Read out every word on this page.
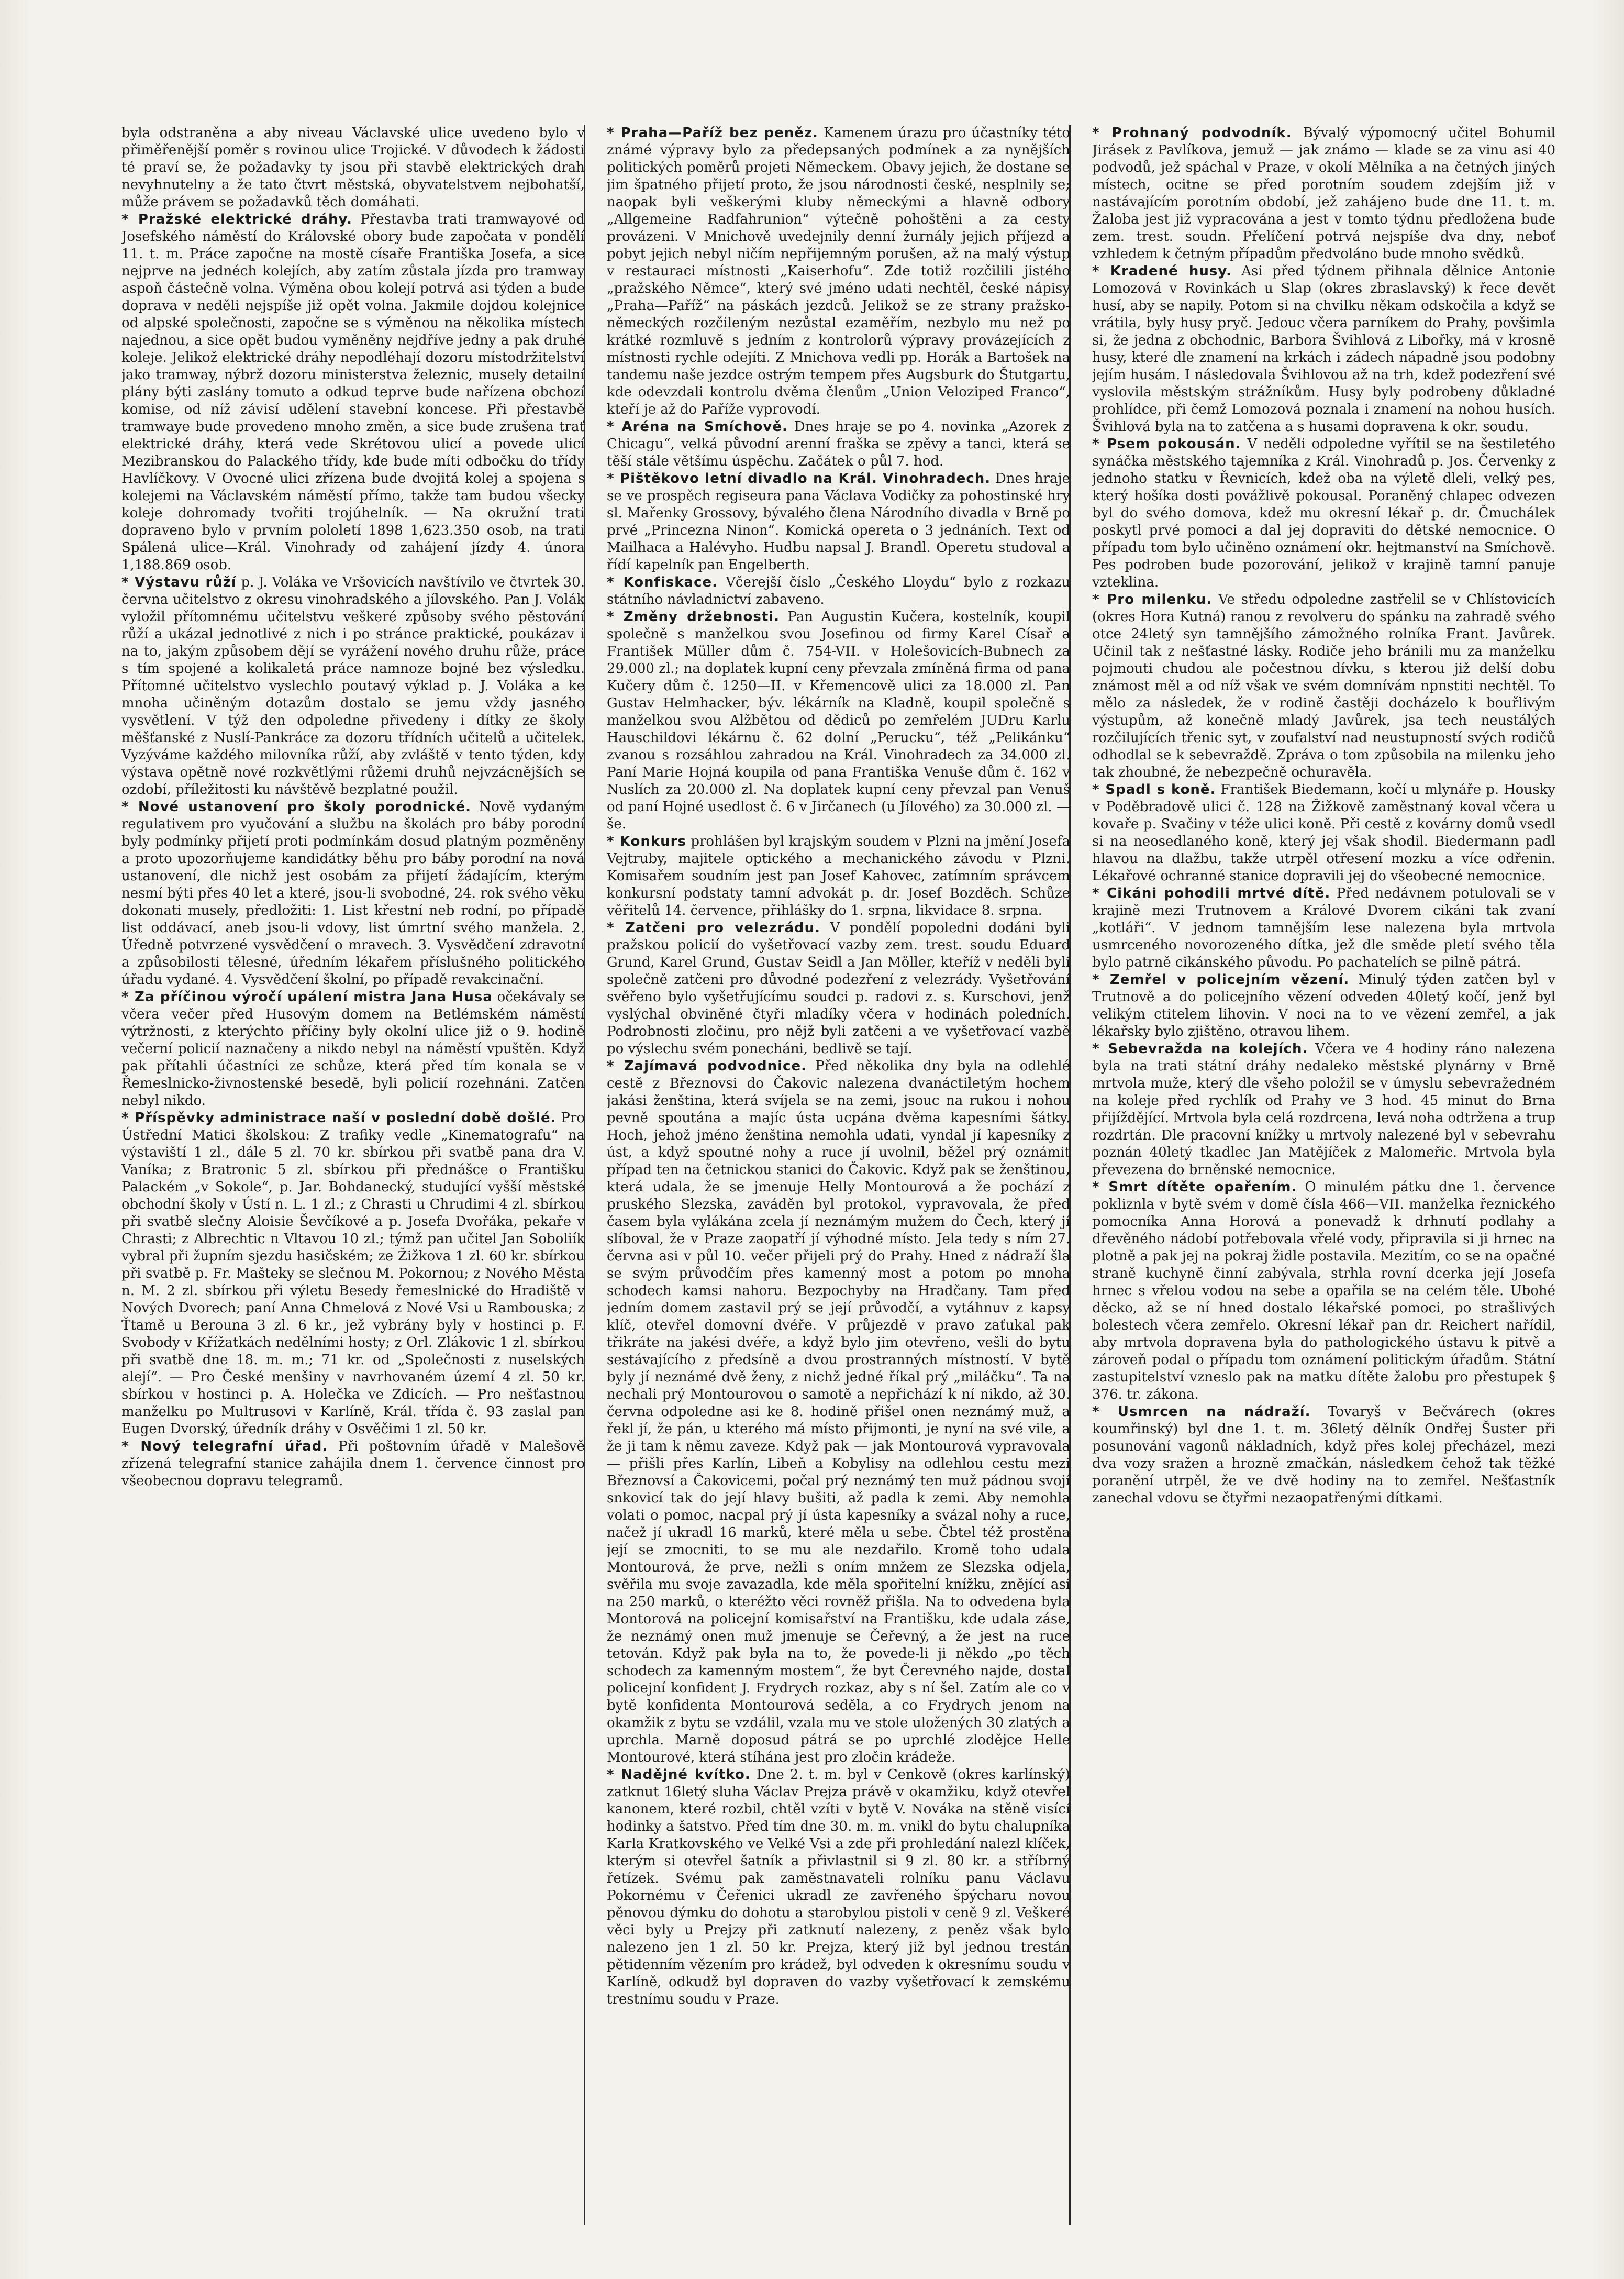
byla odstraněna a aby niveau Václavské ulice uvedeno bylo v přiměřenější poměr s rovinou ulice Trojické. V důvodech k žádosti té praví se, že požadavky ty jsou při stavbě elektrických drah nevyhnutelny a že tato čtvrt městská, obyvatelstvem nejbohatší, může právem se požadavků těch domáhati.

* Pražské elektrické dráhy. Přestavba trati tramwayové od Josefského náměstí do Královské obory bude započata v pondělí 11. t. m. Práce započne na mostě císaře Františka Josefa, a sice nejprve na jednéch kolejích, aby zatím zůstala jízda pro tramway aspoň částečně volna. Výměna obou kolejí potrvá asi týden a bude doprava v neděli nejspíše již opět volna. Jakmile dojdou kolejnice od alpské společnosti, započne se s výměnou na několika místech najednou, a sice opět budou vyměněny nejdříve jedny a pak druhé koleje. Jelikož elektrické dráhy nepodléhají dozoru místodržitelství jako tramway, nýbrž dozoru ministerstva železnic, musely detailní plány býti zaslány tomuto a odkud teprve bude nařízena obchozí komise, od níž závisí udělení stavební koncese. Při přestavbě tramwaye bude provedeno mnoho změn, a sice bude zrušena trať elektrické dráhy, která vede Skrétovou ulicí a povede ulicí Mezibranskou do Palackého třídy, kde bude míti odbočku do třídy Havlíčkovy. V Ovocné ulici zřízena bude dvojitá kolej a spojena s kolejemi na Václavském náměstí přímo, takže tam budou všecky koleje dohromady tvořiti trojúhelník. — Na okružní trati dopraveno bylo v prvním pololetí 1898 1,623.350 osob, na trati Spálená ulice—Král. Vinohrady od zahájení jízdy 4. února 1,188.869 osob.

* Výstavu růží p. J. Voláka ve Vršovicích navštívilo ve čtvrtek 30. června učitelstvo z okresu vinohradského a jílovského. Pan J. Volák vyložil přítomnému učitelstvu veškeré způsoby svého pěstování růží a ukázal jednotlivé z nich i po stránce praktické, poukázav i na to, jakým způsobem dějí se vyrážení nového druhu růže, práce s tím spojené a kolikaletá práce namnoze bojné bez výsledku. Přítomné učitelstvo vyslechlo poutavý výklad p. J. Voláka a ke mnoha učiněným dotazům dostalo se jemu vždy jasného vysvětlení. V týž den odpoledne přivedeny i dítky ze školy měšťanské z Nuslí-Pankráce za dozoru třídních učitelů a učitelek. Vyzýváme každého milovníka růží, aby zvláště v tento týden, kdy výstava opětně nové rozkvětlými růžemi druhů nejvzácnějších se ozdobí, příležitosti ku návštěvě bezplatné použil.

* Nové ustanovení pro školy porodnické. Nově vydaným regulativem pro vyučování a službu na školách pro báby porodní byly podmínky přijetí proti podmínkám dosud platným pozměněny a proto upozorňujeme kandidátky běhu pro báby porodní na nová ustanovení, dle nichž jest osobám za přijetí žádajícím, kterým nesmí býti přes 40 let a které, jsou-li svobodné, 24. rok svého věku dokonati musely, předložiti: 1. List křestní neb rodní, po případě list oddávací, aneb jsou-li vdovy, list úmrtní svého manžela. 2. Úředně potvrzené vysvědčení o mravech. 3. Vysvědčení zdravotní a způsobilosti tělesné, úředním lékařem příslušného politického úřadu vydané. 4. Vysvědčení školní, po případě revakcinační.

* Za příčinou výročí upálení mistra Jana Husa očekávaly se včera večer před Husovým domem na Betlémském náměstí výtržnosti, z kterýchto příčiny byly okolní ulice již o 9. hodině večerní policií naznačeny a nikdo nebyl na náměstí vpuštěn. Když pak přítahli účastníci ze schůze, která před tím konala se v Řemeslnicko-živnostenské besedě, byli policií rozehnáni. Zatčen nebyl nikdo.

* Příspěvky administrace naší v poslední době došlé. Pro Ústřední Matici školskou: Z trafiky vedle „Kinematografu“ na výstaviští 1 zl., dále 5 zl. 70 kr. sbírkou při svatbě pana dra V. Vaníka; z Bratronic 5 zl. sbírkou při přednášce o Františku Palackém „v Sokole“, p. Jar. Bohdanecký, studující vyšší městské obchodní školy v Ústí n. L. 1 zl.; z Chrasti u Chrudimi 4 zl. sbírkou při svatbě slečny Aloisie Ševčíkové a p. Josefa Dvořáka, pekaře v Chrasti; z Albrechtic n Vltavou 10 zl.; týmž pan učitel Jan Soboliík vybral při župním sjezdu hasičském; ze Žižkova 1 zl. 60 kr. sbírkou při svatbě p. Fr. Mašteky se slečnou M. Pokornou; z Nového Města n. M. 2 zl. sbírkou při výletu Besedy řemeslnické do Hradiště v Nových Dvorech; paní Anna Chmelová z Nové Vsi u Rambouska; z Ťtamě u Berouna 3 zl. 6 kr., jež vybrány byly v hostinci p. F. Svobody v Křížatkách nedělními hosty; z Orl. Zlákovic 1 zl. sbírkou při svatbě dne 18. m. m.; 71 kr. od „Společnosti z nuselských alejí“. — Pro České menšiny v navrhovaném území 4 zl. 50 kr. sbírkou v hostinci p. A. Holečka ve Zdicích. — Pro nešťastnou manželku po Multrusovi v Karlíně, Král. třída č. 93 zaslal pan Eugen Dvorský, úředník dráhy v Osvěčimi 1 zl. 50 kr.

* Nový telegrafní úřad. Při poštovním úřadě v Malešově zřízená telegrafní stanice zahájila dnem 1. července činnost pro všeobecnou dopravu telegramů.

* Praha—Paříž bez peněz. Kamenem úrazu pro účastníky této známé výpravy bylo za předepsaných podmínek a za nynějších politických poměrů projeti Německem. Obavy jejich, že dostane se jim špatného přijetí proto, že jsou národnosti české, nesplnily se; naopak byli veškerými kluby německými a hlavně odbory „Allgemeine Radfahrunion“ výtečně pohoštěni a za cesty provázeni. V Mnichově uvedejnily denní žurnály jejich příjezd a pobyt jejich nebyl ničím nepřijemným porušen, až na malý výstup v restauraci místnosti „Kaiserhofu“. Zde totiž rozčilili jistého „pražského Němce“, který své jméno udati nechtěl, české nápisy „Praha—Paříž“ na páskách jezdců. Jelikož se ze strany pražsko-německých rozčileným nezůstal ezaměřím, nezbylo mu než po krátké rozmluvě s jedním z kontrolorů výpravy provázejících z místnosti rychle odejíti. Z Mnichova vedli pp. Horák a Bartošek na tandemu naše jezdce ostrým tempem přes Augsburk do Štutgartu, kde odevzdali kontrolu dvěma členům „Union Veloziped Franco“, kteří je až do Paříže vyprovodí.

* Aréna na Smíchově. Dnes hraje se po 4. novinka „Azorek z Chicagu“, velká původní arenní fraška se zpěvy a tanci, která se těší stále většímu úspěchu. Začátek o půl 7. hod.

* Pištěkovo letní divadlo na Král. Vinohradech. Dnes hraje se ve prospěch regiseura pana Václava Vodičky za pohostinské hry sl. Mařenky Grossovy, bývalého člena Národního divadla v Brně po prvé „Princezna Ninon“. Komická opereta o 3 jednáních. Text od Mailhaca a Halévyho. Hudbu napsal J. Brandl. Operetu studoval a řídí kapelník pan Engelberth.

* Konfiskace. Včerejší číslo „Českého Lloydu“ bylo z rozkazu státního návladnictví zabaveno.

* Změny držebnosti. Pan Augustin Kučera, kostelník, koupil společně s manželkou svou Josefinou od firmy Karel Císař a František Müller dům č. 754-VII. v Holešovicích-Bubnech za 29.000 zl.; na doplatek kupní ceny převzala zmíněná firma od pana Kučery dům č. 1250—II. v Křemencově ulici za 18.000 zl. Pan Gustav Helmhacker, býv. lékárník na Kladně, koupil společně s manželkou svou Alžbětou od dědiců po zemřelém JUDru Karlu Hauschildovi lékárnu č. 62 dolní „Perucku“, též „Pelikánku“ zvanou s rozsáhlou zahradou na Král. Vinohradech za 34.000 zl. Paní Marie Hojná koupila od pana Františka Venuše dům č. 162 v Nuslích za 20.000 zl. Na doplatek kupní ceny převzal pan Venuš od paní Hojné usedlost č. 6 v Jirčanech (u Jílového) za 30.000 zl. —še.

* Konkurs prohlášen byl krajským soudem v Plzni na jmění Josefa Vejtruby, majitele optického a mechanického závodu v Plzni. Komisařem soudním jest pan Josef Kahovec, zatímním správcem konkursní podstaty tamní advokát p. dr. Josef Bozděch. Schůze věřitelů 14. července, přihlášky do 1. srpna, likvidace 8. srpna.

* Zatčeni pro velezrádu. V pondělí popoledni dodáni byli pražskou policií do vyšetřovací vazby zem. trest. soudu Eduard Grund, Karel Grund, Gustav Seidl a Jan Möller, kteříž v neděli byli společně zatčeni pro důvodné podezření z velezrády. Vyšetřování svěřeno bylo vyšetřujícímu soudci p. radovi z. s. Kurschovi, jenž vyslýchal obviněné čtyři mladíky včera v hodinách poledních. Podrobnosti zločinu, pro nějž byli zatčeni a ve vyšetřovací vazbě po výslechu svém ponecháni, bedlivě se tají.

* Zajímavá podvodnice. Před několika dny byla na odlehlé cestě z Březnovsi do Čakovic nalezena dvanáctiletým hochem jakási ženština, která svíjela se na zemi, jsouc na rukou i nohou pevně spoutána a majíc ústa ucpána dvěma kapesními šátky. Hoch, jehož jméno ženština nemohla udati, vyndal jí kapesníky z úst, a když spoutné nohy a ruce jí uvolnil, běžel prý oznámit případ ten na četnickou stanici do Čakovic. Když pak se ženštinou, která udala, že se jmenuje Helly Montourová a že pochází z pruského Slezska, zaváděn byl protokol, vypravovala, že před časem byla vylákána zcela jí neznámým mužem do Čech, který jí slíboval, že v Praze zaopatří jí výhodné místo. Jela tedy s ním 27. června asi v půl 10. večer přijeli prý do Prahy. Hned z nádraží šla se svým průvodčím přes kamenný most a potom po mnoha schodech kamsi nahoru. Bezpochyby na Hradčany. Tam před jedním domem zastavil prý se její průvodčí, a vytáhnuv z kapsy klíč, otevřel domovní dvéře. V průjezdě v pravo zaťukal pak třikráte na jakési dvéře, a když bylo jim otevřeno, vešli do bytu sestávajícího z předsíně a dvou prostranných místností. V bytě byly jí neznámé dvě ženy, z nichž jedné říkal prý „miláčku“. Ta na nechali prý Montourovou o samotě a nepřichází k ní nikdo, až 30. června odpoledne asi ke 8. hodině přišel onen neznámý muž, a řekl jí, že pán, u kterého má místo přijmonti, je nyní na své vile, a že ji tam k němu zaveze. Když pak — jak Montourová vypravovala — přišli přes Karlín, Libeň a Kobylisy na odlehlou cestu mezi Březnovsí a Čakovicemi, počal prý neznámý ten muž pádnou svojí snkovicí tak do její hlavy bušiti, až padla k zemi. Aby nemohla volati o pomoc, nacpal prý jí ústa kapesníky a svázal nohy a ruce, načež jí ukradl 16 marků, které měla u sebe. Čbtel též prostěna její se zmocniti, to se mu ale nezdařilo. Kromě toho udala Montourová, že prve, nežli s oním mnžem ze Slezska odjela, svěřila mu svoje zavazadla, kde měla spořitelní knížku, znějící asi na 250 marků, o kteréžto věci rovněž přišla. Na to odvedena byla Montorová na policejní komisařství na Františku, kde udala záse, že neznámý onen muž jmenuje se Čeřevný, a že jest na ruce tetován. Když pak byla na to, že povede-li ji někdo „po těch schodech za kamenným mostem“, že byt Čerevného najde, dostal policejní konfident J. Frydrych rozkaz, aby s ní šel. Zatím ale co v bytě konfidenta Montourová seděla, a co Frydrych jenom na okamžik z bytu se vzdálil, vzala mu ve stole uložených 30 zlatých a uprchla. Marně doposud pátrá se po uprchlé zlodějce Helle Montourové, která stíhána jest pro zločin krádeže.

* Nadějné kvítko. Dne 2. t. m. byl v Cenkově (okres karlínský) zatknut 16letý sluha Václav Prejza právě v okamžiku, když otevřel kanonem, které rozbil, chtěl vzíti v bytě V. Nováka na stěně visící hodinky a šatstvo. Před tím dne 30. m. m. vnikl do bytu chalupníka Karla Kratkovského ve Velké Vsi a zde při prohledání nalezl klíček, kterým si otevřel šatník a přivlastnil si 9 zl. 80 kr. a stříbrný řetízek. Svému pak zaměstnavateli rolníku panu Václavu Pokornému v Čeřenici ukradl ze zavřeného špýcharu novou pěnovou dýmku do dohotu a starobylou pistoli v ceně 9 zl. Veškeré věci byly u Prejzy při zatknutí nalezeny, z peněz však bylo nalezeno jen 1 zl. 50 kr. Prejza, který již byl jednou trestán pětidenním vězením pro krádež, byl odveden k okresnímu soudu v Karlíně, odkudž byl dopraven do vazby vyšetřovací k zemskému trestnímu soudu v Praze.

* Prohnaný podvodník. Bývalý výpomocný učitel Bohumil Jirásek z Pavlíkova, jemuž — jak známo — klade se za vinu asi 40 podvodů, jež spáchal v Praze, v okolí Mělníka a na četných jiných místech, ocitne se před porotním soudem zdejším již v nastávajícím porotním období, jež zahájeno bude dne 11. t. m. Žaloba jest již vypracována a jest v tomto týdnu předložena bude zem. trest. soudn. Přelíčení potrvá nejspíše dva dny, neboť vzhledem k četným případům předvoláno bude mnoho svědků.

* Kradené husy. Asi před týdnem přihnala dělnice Antonie Lomozová v Rovinkách u Slap (okres zbraslavský) k řece devět husí, aby se napily. Potom si na chvilku někam odskočila a když se vrátila, byly husy pryč. Jedouc včera parníkem do Prahy, povšimla si, že jedna z obchodnic, Barbora Švihlová z Libořky, má v krosně husy, které dle znamení na krkách i zádech nápadně jsou podobny jejím husám. I následovala Švihlovou až na trh, kdež podezření své vyslovila městským strážníkům. Husy byly podrobeny důkladné prohlídce, při čemž Lomozová poznala i znamení na nohou husích. Švihlová byla na to zatčena a s husami dopravena k okr. soudu.

* Psem pokousán. V neděli odpoledne vyřítil se na šestiletého synáčka městského tajemníka z Král. Vinohradů p. Jos. Červenky z jednoho statku v Řevnicích, kdež oba na výletě dleli, velký pes, který hošíka dosti povážlivě pokousal. Poraněný chlapec odvezen byl do svého domova, kdež mu okresní lékař p. dr. Čmuchálek poskytl prvé pomoci a dal jej dopraviti do dětské nemocnice. O případu tom bylo učiněno oznámení okr. hejtmanství na Smíchově. Pes podroben bude pozorování, jelikož v krajině tamní panuje vzteklina.

* Pro milenku. Ve středu odpoledne zastřelil se v Chlístovicích (okres Hora Kutná) ranou z revolveru do spánku na zahradě svého otce 24letý syn tamnějšího zámožného rolníka Frant. Javůrek. Učinil tak z nešťastné lásky. Rodiče jeho bránili mu za manželku pojmouti chudou ale počestnou dívku, s kterou již delší dobu známost měl a od níž však ve svém domnívám npnstiti nechtěl. To mělo za následek, že v rodině častěji docházelo k bouřlivým výstupům, až konečně mladý Javůrek, jsa tech neustálých rozčilujících třenic syt, v zoufalství nad neustupností svých rodičů odhodlal se k sebevraždě. Zpráva o tom způsobila na milenku jeho tak zhoubné, že nebezpečně ochuravěla.

* Spadl s koně. František Biedemann, kočí u mlynáře p. Housky v Poděbradově ulici č. 128 na Žižkově zaměstnaný koval včera u kovaře p. Svačiny v téže ulici koně. Při cestě z kovárny domů vsedl si na neosedlaného koně, který jej však shodil. Biedermann padl hlavou na dlažbu, takže utrpěl otřesení mozku a více odřenin. Lékařové ochranné stanice dopravili jej do všeobecné nemocnice.

* Cikáni pohodili mrtvé dítě. Před nedávnem potulovali se v krajině mezi Trutnovem a Králové Dvorem cikáni tak zvaní „kotláři“. V jednom tamnějším lese nalezena byla mrtvola usmrceného novorozeného dítka, jež dle směde pletí svého těla bylo patrně cikánského původu. Po pachatelích se pilně pátrá.

* Zemřel v policejním vězení. Minulý týden zatčen byl v Trutnově a do policejního vězení odveden 40letý kočí, jenž byl velikým ctitelem lihovin. V noci na to ve vězení zemřel, a jak lékařsky bylo zjištěno, otravou lihem.

* Sebevražda na kolejích. Včera ve 4 hodiny ráno nalezena byla na trati státní dráhy nedaleko městské plynárny v Brně mrtvola muže, který dle všeho položil se v úmyslu sebevražedném na koleje před rychlík od Prahy ve 3 hod. 45 minut do Brna přijíždějící. Mrtvola byla celá rozdrcena, levá noha odtržena a trup rozdrtán. Dle pracovní knížky u mrtvoly nalezené byl v sebevrahu poznán 40letý tkadlec Jan Matějíček z Malomeřic. Mrtvola byla převezena do brněnské nemocnice.

* Smrt dítěte opařením. O minulém pátku dne 1. července pokliznla v bytě svém v domě čísla 466—VII. manželka řeznického pomocníka Anna Horová a ponevadž k drhnutí podlahy a dřevěného nádobí potřebovala vřelé vody, připravila si ji hrnec na plotně a pak jej na pokraj židle postavila. Mezitím, co se na opačné straně kuchyně činní zabývala, strhla rovní dcerka její Josefa hrnec s vřelou vodou na sebe a opařila se na celém těle. Ubohé děcko, až se ní hned dostalo lékařské pomoci, po strašlivých bolestech včera zemřelo. Okresní lékař pan dr. Reichert nařídil, aby mrtvola dopravena byla do pathologického ústavu k pitvě a zároveň podal o případu tom oznámení politickým úřadům. Státní zastupitelství vzneslo pak na matku dítěte žalobu pro přestupek § 376. tr. zákona.

* Usmrcen na nádraží. Tovaryš v Bečvárech (okres koumřinský) byl dne 1. t. m. 36letý dělník Ondřej Šuster při posunování vagonů nákladních, když přes kolej přecházel, mezi dva vozy sražen a hrozně zmačkán, následkem čehož tak těžké poranění utrpěl, že ve dvě hodiny na to zemřel. Nešťastník zanechal vdovu se čtyřmi nezaopatřenými dítkami.
